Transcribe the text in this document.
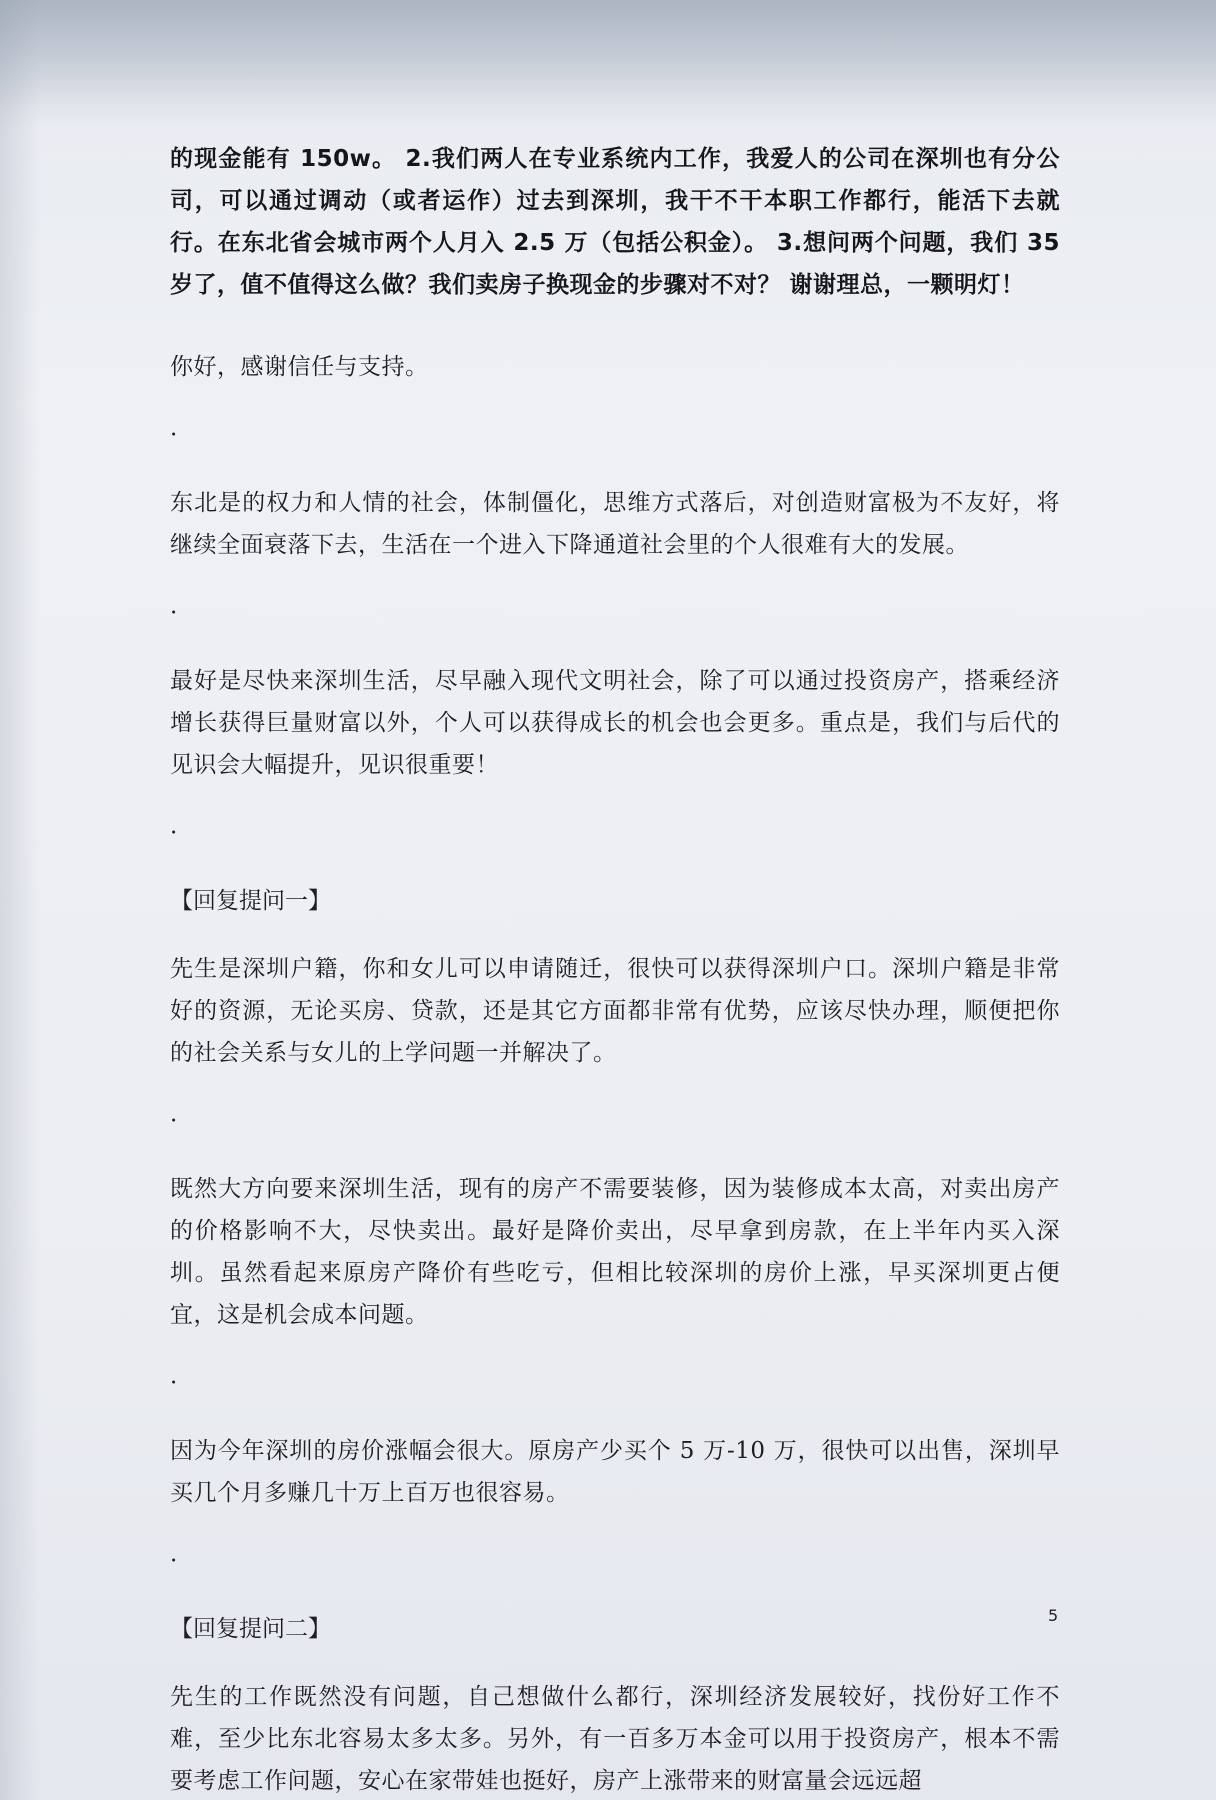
的现金能有 150w。 2.我们两人在专业系统内工作，我爱人的公司在深圳也有分公司，可以通过调动（或者运作）过去到深圳，我干不干本职工作都行，能活下去就行。在东北省会城市两个人月入 2.5 万（包括公积金）。 3.想问两个问题，我们 35 岁了，值不值得这么做？我们卖房子换现金的步骤对不对？ 谢谢理总，一颗明灯！

你好，感谢信任与支持。

·

东北是的权力和人情的社会，体制僵化，思维方式落后，对创造财富极为不友好，将继续全面衰落下去，生活在一个进入下降通道社会里的个人很难有大的发展。

·

最好是尽快来深圳生活，尽早融入现代文明社会，除了可以通过投资房产，搭乘经济增长获得巨量财富以外，个人可以获得成长的机会也会更多。重点是，我们与后代的见识会大幅提升，见识很重要！

·

【回复提问一】

先生是深圳户籍，你和女儿可以申请随迁，很快可以获得深圳户口。深圳户籍是非常好的资源，无论买房、贷款，还是其它方面都非常有优势，应该尽快办理，顺便把你的社会关系与女儿的上学问题一并解决了。

·

既然大方向要来深圳生活，现有的房产不需要装修，因为装修成本太高，对卖出房产的价格影响不大，尽快卖出。最好是降价卖出，尽早拿到房款，在上半年内买入深圳。虽然看起来原房产降价有些吃亏，但相比较深圳的房价上涨，早买深圳更占便宜，这是机会成本问题。

·

因为今年深圳的房价涨幅会很大。原房产少买个 5 万-10 万，很快可以出售，深圳早买几个月多赚几十万上百万也很容易。

·

【回复提问二】

先生的工作既然没有问题，自己想做什么都行，深圳经济发展较好，找份好工作不难，至少比东北容易太多太多。另外，有一百多万本金可以用于投资房产，根本不需要考虑工作问题，安心在家带娃也挺好，房产上涨带来的财富量会远远超

5
